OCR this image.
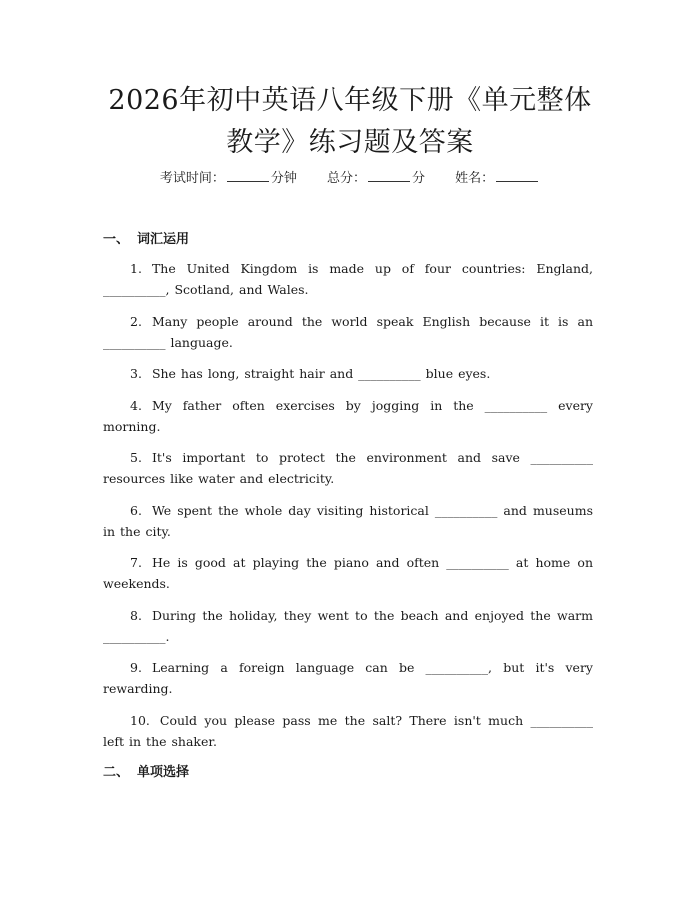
2026年初中英语八年级下册《单元整体教学》练习题及答案
考试时间：	分钟 总分：	分 姓名：
一、 词汇运用
1. The United Kingdom is made up of four countries: England, __________, Scotland, and Wales.
2. Many people around the world speak English because it is an __________ language.
3. She has long, straight hair and __________ blue eyes.
4. My father often exercises by jogging in the __________ every morning.
5. It's important to protect the environment and save __________ resources like water and electricity.
6. We spent the whole day visiting historical __________ and museums in the city.
7. He is good at playing the piano and often __________ at home on weekends.
8. During the holiday, they went to the beach and enjoyed the warm __________.
9. Learning a foreign language can be __________, but it's very rewarding.
10. Could you please pass me the salt? There isn't much __________ left in the shaker.
二、 单项选择
